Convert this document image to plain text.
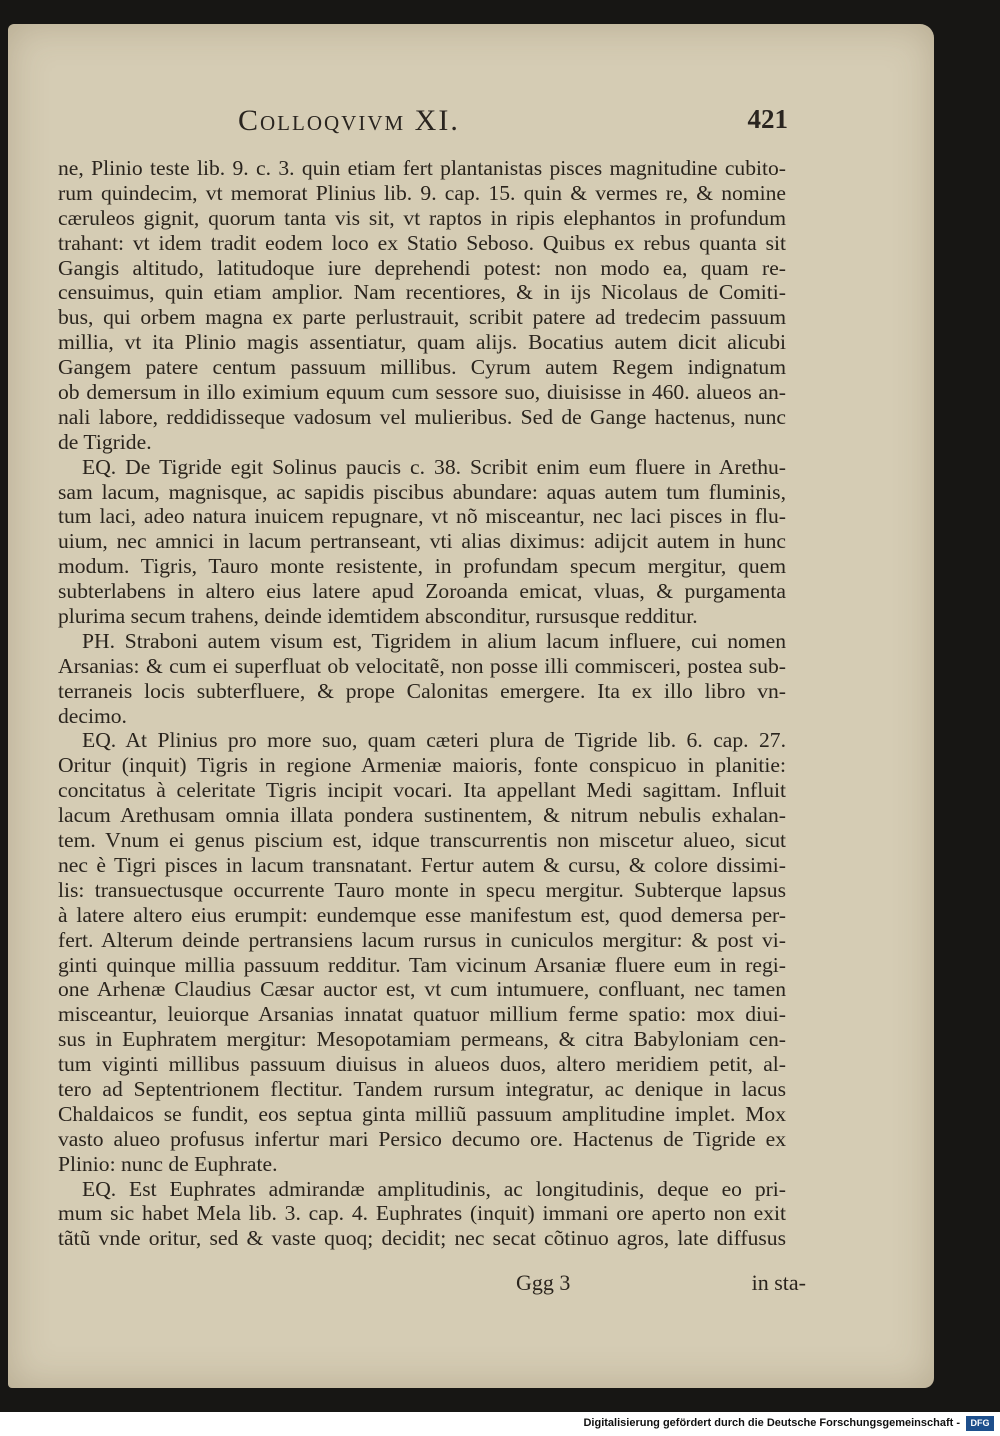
Colloqvivm XI.	421
ne, Plinio teste lib. 9. c. 3. quin etiam fert plantanistas pisces magnitudine cubito-
rum quindecim, vt memorat Plinius lib. 9. cap. 15. quin & vermes re, & nomine
cæruleos gignit, quorum tanta vis sit, vt raptos in ripis elephantos in profundum
trahant: vt idem tradit eodem loco ex Statio Seboso. Quibus ex rebus quanta sit
Gangis altitudo, latitudoque iure deprehendi potest: non modo ea, quam re-
censuimus, quin etiam amplior. Nam recentiores, & in ijs Nicolaus de Comiti-
bus, qui orbem magna ex parte perlustrauit, scribit patere ad tredecim passuum
millia, vt ita Plinio magis assentiatur, quam alijs. Bocatius autem dicit alicubi
Gangem patere centum passuum millibus. Cyrum autem Regem indignatum
ob demersum in illo eximium equum cum sessore suo, diuisisse in 460. alueos an-
nali labore, reddidisseque vadosum vel mulieribus. Sed de Gange hactenus, nunc
de Tigride.
EQ. De Tigride egit Solinus paucis c. 38. Scribit enim eum fluere in Arethu-
sam lacum, magnisque, ac sapidis piscibus abundare: aquas autem tum fluminis,
tum laci, adeo natura inuicem repugnare, vt nõ misceantur, nec laci pisces in flu-
uium, nec amnici in lacum pertranseant, vti alias diximus: adijcit autem in hunc
modum. Tigris, Tauro monte resistente, in profundam specum mergitur, quem
subterlabens in altero eius latere apud Zoroanda emicat, vluas, & purgamenta
plurima secum trahens, deinde idemtidem absconditur, rursusque redditur.
PH. Straboni autem visum est, Tigridem in alium lacum influere, cui nomen
Arsanias: & cum ei superfluat ob velocitatẽ, non posse illi commisceri, postea sub-
terraneis locis subterfluere, & prope Calonitas emergere. Ita ex illo libro vn-
decimo.
EQ. At Plinius pro more suo, quam cæteri plura de Tigride lib. 6. cap. 27.
Oritur (inquit) Tigris in regione Armeniæ maioris, fonte conspicuo in planitie:
concitatus à celeritate Tigris incipit vocari. Ita appellant Medi sagittam. Influit
lacum Arethusam omnia illata pondera sustinentem, & nitrum nebulis exhalan-
tem. Vnum ei genus piscium est, idque transcurrentis non miscetur alueo, sicut
nec è Tigri pisces in lacum transnatant. Fertur autem & cursu, & colore dissimi-
lis: transuectusque occurrente Tauro monte in specu mergitur. Subterque lapsus
à latere altero eius erumpit: eundemque esse manifestum est, quod demersa per-
fert. Alterum deinde pertransiens lacum rursus in cuniculos mergitur: & post vi-
ginti quinque millia passuum redditur. Tam vicinum Arsaniæ fluere eum in regi-
one Arhenæ Claudius Cæsar auctor est, vt cum intumuere, confluant, nec tamen
misceantur, leuiorque Arsanias innatat quatuor millium ferme spatio: mox diui-
sus in Euphratem mergitur: Mesopotamiam permeans, & citra Babyloniam cen-
tum viginti millibus passuum diuisus in alueos duos, altero meridiem petit, al-
tero ad Septentrionem flectitur. Tandem rursum integratur, ac denique in lacus
Chaldaicos se fundit, eos septua ginta milliũ passuum amplitudine implet. Mox
vasto alueo profusus infertur mari Persico decumo ore. Hactenus de Tigride ex
Plinio: nunc de Euphrate.
EQ. Est Euphrates admirandæ amplitudinis, ac longitudinis, deque eo pri-
mum sic habet Mela lib. 3. cap. 4. Euphrates (inquit) immani ore aperto non exit
tãtũ vnde oritur, sed & vaste quoq; decidit; nec secat cõtinuo agros, late diffusus
Ggg 3	in sta-
Digitalisierung gefördert durch die Deutsche Forschungsgemeinschaft -	DFG
